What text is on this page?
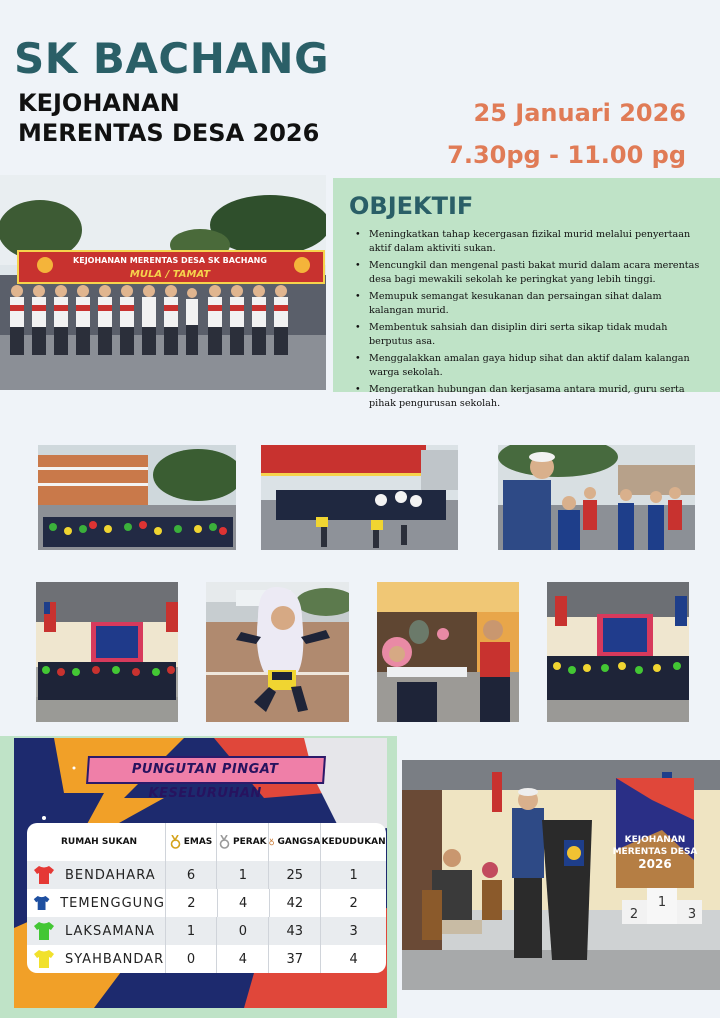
SK BACHANG
KEJOHANAN
MERENTAS DESA 2026
25 Januari 2026
7.30pg - 11.00 pg
KEJOHANAN MERENTAS DESA SK BACHANG
MULA / TAMAT
OBJEKTIF
• Meningkatkan tahap kecergasan fizikal murid melalui penyertaan aktif dalam aktiviti sukan.
• Mencungkil dan mengenal pasti bakat murid dalam acara merentas desa bagi mewakili sekolah ke peringkat yang lebih tinggi.
• Memupuk semangat kesukanan dan persaingan sihat dalam kalangan murid.
• Membentuk sahsiah dan disiplin diri serta sikap tidak mudah berputus asa.
• Menggalakkan amalan gaya hidup sihat dan aktif dalam kalangan warga sekolah.
• Mengeratkan hubungan dan kerjasama antara murid, guru serta pihak pengurusan sekolah.
PUNGUTAN PINGAT KESELURUHAN
RUMAH SUKAN	EMAS PERAK GANGSA KEDUDUKAN
BENDAHARA	6	1	25	1
TEMENGGUNG	2	4	42	2
LAKSAMANA	1	0	43	3
SYAHBANDAR	0	4	37	4
KEJOHANAN
MERENTAS DESA
2026
2
1
3
